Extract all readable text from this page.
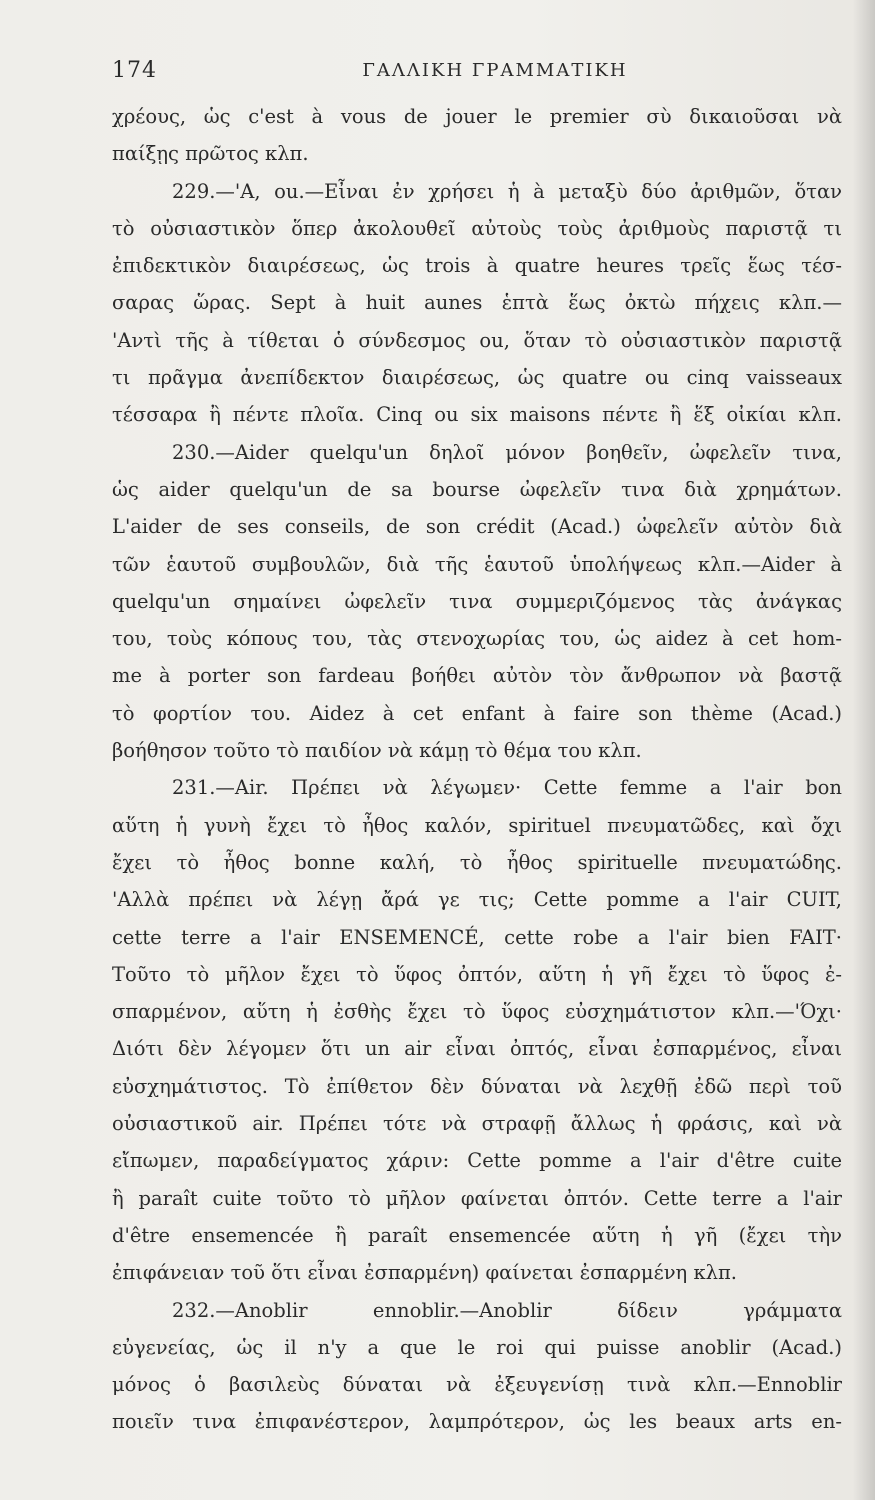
174	ΓΑΛΛΙΚΗ ΓΡΑΜΜΑΤΙΚΗ
χρέους, ὡς c'est à vous de jouer le premier σὺ δικαιοῦσαι νὰ
παίξῃς πρῶτος κλπ.
229.—'A, ou.—Εἶναι ἐν χρήσει ἡ à μεταξὺ δύο ἀριθμῶν, ὅταν
τὸ οὐσιαστικὸν ὅπερ ἀκολουθεῖ αὐτοὺς τοὺς ἀριθμοὺς παριστᾷ τι
ἐπιδεκτικὸν διαιρέσεως, ὡς trois à quatre heures τρεῖς ἕως τέσ-
σαρας ὥρας. Sept à huit aunes ἑπτὰ ἕως ὀκτὼ πήχεις κλπ.—
'Αντὶ τῆς à τίθεται ὁ σύνδεσμος ou, ὅταν τὸ οὐσιαστικὸν παριστᾷ
τι πρᾶγμα ἀνεπίδεκτον διαιρέσεως, ὡς quatre ou cinq vaisseaux
τέσσαρα ἢ πέντε πλοῖα. Cinq ou six maisons πέντε ἢ ἕξ οἰκίαι κλπ.
230.—Aider quelqu'un δηλοῖ μόνον βοηθεῖν, ὠφελεῖν τινα,
ὡς aider quelqu'un de sa bourse ὠφελεῖν τινα διὰ χρημάτων.
L'aider de ses conseils, de son crédit (Acad.) ὠφελεῖν αὐτὸν διὰ
τῶν ἑαυτοῦ συμβουλῶν, διὰ τῆς ἑαυτοῦ ὑπολήψεως κλπ.—Aider à
quelqu'un σημαίνει ὠφελεῖν τινα συμμεριζόμενος τὰς ἀνάγκας
του, τοὺς κόπους του, τὰς στενοχωρίας του, ὡς aidez à cet hom-
me à porter son fardeau βοήθει αὐτὸν τὸν ἄνθρωπον νὰ βαστᾷ
τὸ φορτίον του. Aidez à cet enfant à faire son thème (Acad.)
βοήθησον τοῦτο τὸ παιδίον νὰ κάμῃ τὸ θέμα του κλπ.
231.—Air. Πρέπει νὰ λέγωμεν· Cette femme a l'air bon
αὕτη ἡ γυνὴ ἔχει τὸ ἦθος καλόν, spirituel πνευματῶδες, καὶ ὄχι
ἔχει τὸ ἦθος bonne καλή, τὸ ἦθος spirituelle πνευματώδης.
'Αλλὰ πρέπει νὰ λέγῃ ἄρά γε τις; Cette pomme a l'air CUIT,
cette terre a l'air ENSEMENCÉ, cette robe a l'air bien FAIT·
Τοῦτο τὸ μῆλον ἔχει τὸ ὕφος ὀπτόν, αὕτη ἡ γῆ ἔχει τὸ ὕφος ἐ-
σπαρμένον, αὕτη ἡ ἐσθὴς ἔχει τὸ ὕφος εὐσχημάτιστον κλπ.—'Όχι·
Διότι δὲν λέγομεν ὅτι un air εἶναι ὀπτός, εἶναι ἐσπαρμένος, εἶναι
εὐσχημάτιστος. Τὸ ἐπίθετον δὲν δύναται νὰ λεχθῇ ἐδῶ περὶ τοῦ
οὐσιαστικοῦ air. Πρέπει τότε νὰ στραφῇ ἄλλως ἡ φράσις, καὶ νὰ
εἴπωμεν, παραδείγματος χάριν: Cette pomme a l'air d'être cuite
ἢ paraît cuite τοῦτο τὸ μῆλον φαίνεται ὀπτόν. Cette terre a l'air
d'être ensemencée ἢ paraît ensemencée αὕτη ἡ γῆ (ἔχει τὴν
ἐπιφάνειαν τοῦ ὅτι εἶναι ἐσπαρμένη) φαίνεται ἐσπαρμένη κλπ.
232.—Anoblir ennoblir.—Anoblir δίδειν γράμματα
εὐγενείας, ὡς il n'y a que le roi qui puisse anoblir (Acad.)
μόνος ὁ βασιλεὺς δύναται νὰ ἐξευγενίσῃ τινὰ κλπ.—Ennoblir
ποιεῖν τινα ἐπιφανέστερον, λαμπρότερον, ὡς les beaux arts en-
